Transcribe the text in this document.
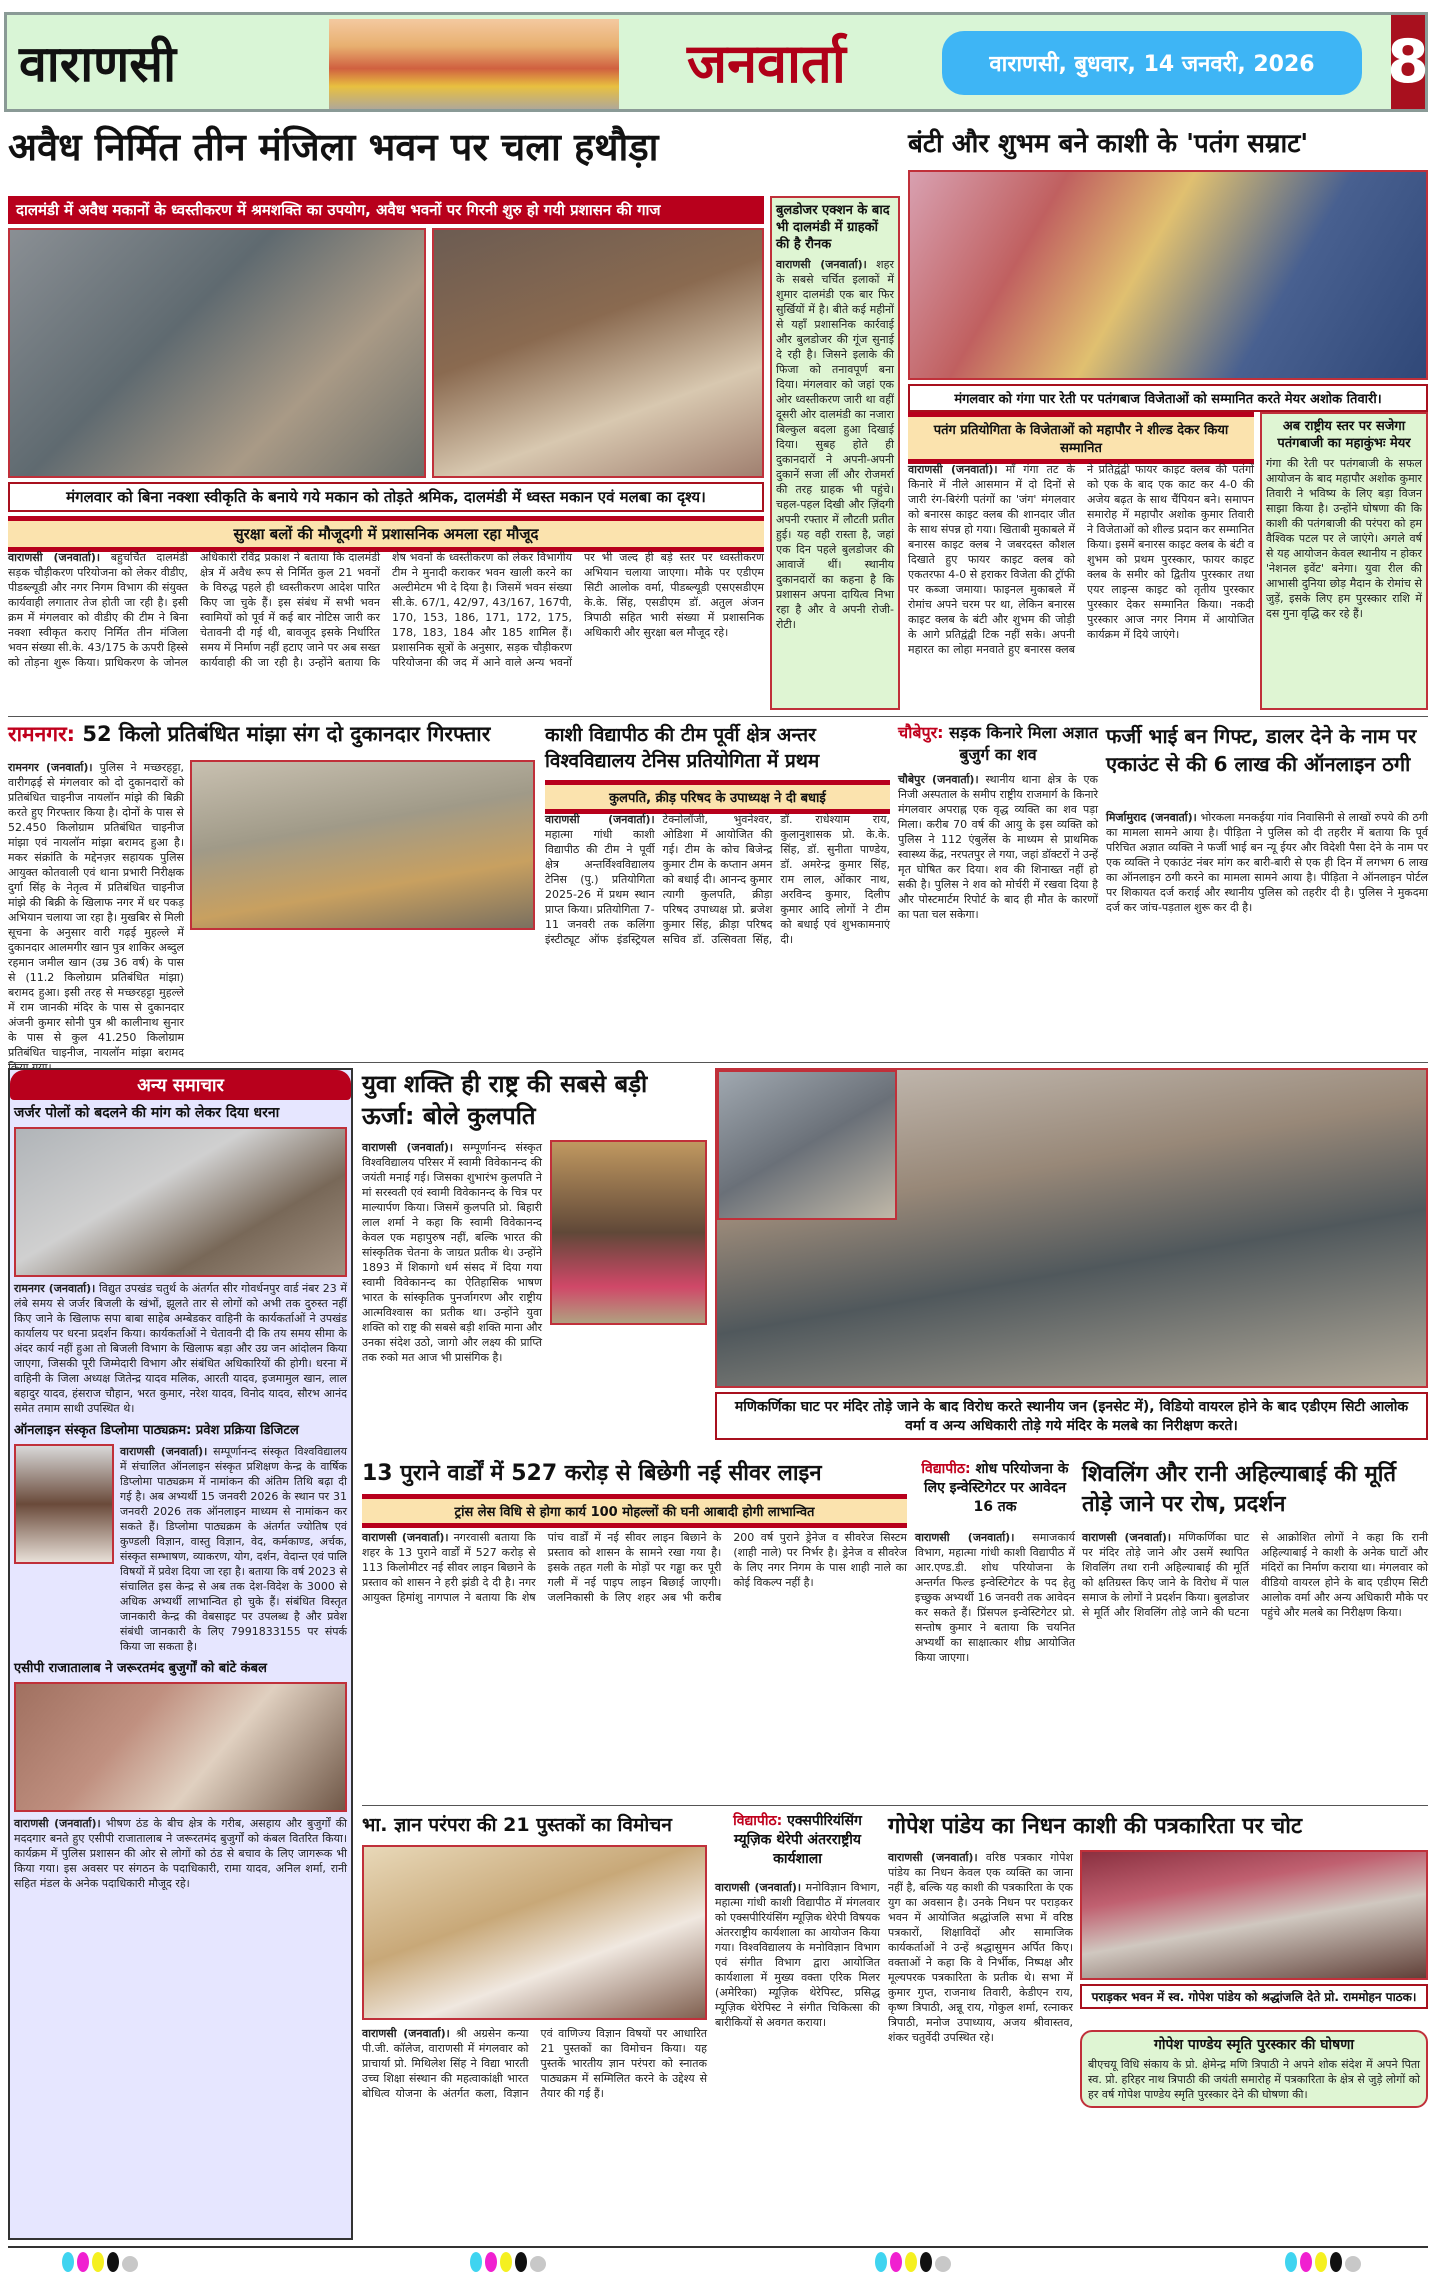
वाराणसी	जनवार्ता	वाराणसी, बुधवार, 14 जनवरी, 2026	8
अवैध निर्मित तीन मंजिला भवन पर चला हथौड़ा
दालमंडी में अवैध मकानों के ध्वस्तीकरण में श्रमशक्ति का उपयोग, अवैध भवनों पर गिरनी शुरु हो गयी प्रशासन की गाज
मंगलवार को बिना नक्शा स्वीकृति के बनाये गये मकान को तोड़ते श्रमिक, दालमंडी में ध्वस्त मकान एवं मलबा का दृश्य।
सुरक्षा बलों की मौजूदगी में प्रशासनिक अमला रहा मौजूद
वाराणसी (जनवार्ता)। बहुचर्चित दालमंडी सड़क चौड़ीकरण परियोजना को लेकर वीडीए, पीडब्ल्यूडी और नगर निगम विभाग की संयुक्त कार्यवाही लगातार तेज होती जा रही है। इसी क्रम में मंगलवार को वीडीए की टीम ने बिना नक्शा स्वीकृत कराए निर्मित तीन मंजिला भवन संख्या सी.के. 43/175 के ऊपरी हिस्से को तोड़ना शुरू किया। प्राधिकरण के जोनल अधिकारी रविंद्र प्रकाश ने बताया कि दालमंडी क्षेत्र में अवैध रूप से निर्मित कुल 21 भवनों के विरुद्ध पहले ही ध्वस्तीकरण आदेश पारित किए जा चुके हैं। इस संबंध में सभी भवन स्वामियों को पूर्व में कई बार नोटिस जारी कर चेतावनी दी गई थी, बावजूद इसके निर्धारित समय में निर्माण नहीं हटाए जाने पर अब सख्त कार्यवाही की जा रही है। उन्होंने बताया कि शेष भवनों के ध्वस्तीकरण को लेकर विभागीय टीम ने मुनादी कराकर भवन खाली करने का अल्टीमेटम भी दे दिया है। जिसमें भवन संख्या सी.के. 67/1, 42/97, 43/167, 167पी, 170, 153, 186, 171, 172, 175, 178, 183, 184 और 185 शामिल हैं। प्रशासनिक सूत्रों के अनुसार, सड़क चौड़ीकरण परियोजना की जद में आने वाले अन्य भवनों पर भी जल्द ही बड़े स्तर पर ध्वस्तीकरण अभियान चलाया जाएगा। मौके पर एडीएम सिटी आलोक वर्मा, पीडब्ल्यूडी एसएसडीएम के.के. सिंह, एसडीएम डॉ. अतुल अंजन त्रिपाठी सहित भारी संख्या में प्रशासनिक अधिकारी और सुरक्षा बल मौजूद रहे।
बुलडोजर एक्शन के बाद भी दालमंडी में ग्राहकों की है रौनक
वाराणसी (जनवार्ता)। शहर के सबसे चर्चित इलाकों में शुमार दालमंडी एक बार फिर सुर्खियों में है। बीते कई महीनों से यहाँ प्रशासनिक कार्रवाई और बुलडोजर की गूंज सुनाई दे रही है। जिसने इलाके की फिजा को तनावपूर्ण बना दिया। मंगलवार को जहां एक ओर ध्वस्तीकरण जारी था वहीं दूसरी ओर दालमंडी का नजारा बिल्कुल बदला हुआ दिखाई दिया। सुबह होते ही दुकानदारों ने अपनी-अपनी दुकानें सजा लीं और रोजमर्रा की तरह ग्राहक भी पहुंचे। चहल-पहल दिखी और ज़िंदगी अपनी रफ्तार में लौटती प्रतीत हुई। यह वही रास्ता है, जहां एक दिन पहले बुलडोजर की आवाजें थीं। स्थानीय दुकानदारों का कहना है कि प्रशासन अपना दायित्व निभा रहा है और वे अपनी रोजी-रोटी।
बंटी और शुभम बने काशी के 'पतंग सम्राट'
मंगलवार को गंगा पार रेती पर पतंगबाज विजेताओं को सम्मानित करते मेयर अशोक तिवारी।
पतंग प्रतियोगिता के विजेताओं को महापौर ने शील्ड देकर किया सम्मानित
वाराणसी (जनवार्ता)। माँ गंगा तट के किनारे में नीले आसमान में दो दिनों से जारी रंग-बिरंगी पतंगों का 'जंग' मंगलवार को बनारस काइट क्लब की शानदार जीत के साथ संपन्न हो गया। खिताबी मुकाबले में बनारस काइट क्लब ने जबरदस्त कौशल दिखाते हुए फायर काइट क्लब को एकतरफा 4-0 से हराकर विजेता की ट्रॉफी पर कब्जा जमाया। फाइनल मुकाबले में रोमांच अपने चरम पर था, लेकिन बनारस काइट क्लब के बंटी और शुभम की जोड़ी के आगे प्रतिद्वंद्वी टिक नहीं सके। अपनी महारत का लोहा मनवाते हुए बनारस क्लब ने प्रतिद्वंद्वी फायर काइट क्लब की पतंगों को एक के बाद एक काट कर 4-0 की अजेय बढ़त के साथ चैंपियन बने। समापन समारोह में महापौर अशोक कुमार तिवारी ने विजेताओं को शील्ड प्रदान कर सम्मानित किया। इसमें बनारस काइट क्लब के बंटी व शुभम को प्रथम पुरस्कार, फायर काइट क्लब के समीर को द्वितीय पुरस्कार तथा एयर लाइन्स काइट को तृतीय पुरस्कार पुरस्कार देकर सम्मानित किया। नकदी पुरस्कार आज नगर निगम में आयोजित कार्यक्रम में दिये जाएंगे।
अब राष्ट्रीय स्तर पर सजेगा पतंगबाजी का महाकुंभः मेयर
गंगा की रेती पर पतंगबाजी के सफल आयोजन के बाद महापौर अशोक कुमार तिवारी ने भविष्य के लिए बड़ा विजन साझा किया है। उन्होंने घोषणा की कि काशी की पतंगबाजी की परंपरा को हम वैश्विक पटल पर ले जाएंगे। अगले वर्ष से यह आयोजन केवल स्थानीय न होकर 'नेशनल इवेंट' बनेगा। युवा रील की आभासी दुनिया छोड़ मैदान के रोमांच से जुड़ें, इसके लिए हम पुरस्कार राशि में दस गुना वृद्धि कर रहे हैं।
रामनगर: 52 किलो प्रतिबंधित मांझा संग दो दुकानदार गिरफ्तार
रामनगर (जनवार्ता)। पुलिस ने मच्छरहट्टा, वारीगढ़ई से मंगलवार को दो दुकानदारों को प्रतिबंधित चाइनीज नायलॉन मांझे की बिक्री करते हुए गिरफ्तार किया है। दोनों के पास से 52.450 किलोग्राम प्रतिबंधित चाइनीज मांझा एवं नायलॉन मांझा बरामद हुआ है। मकर संक्रांति के मद्देनज़र सहायक पुलिस आयुक्त कोतवाली एवं थाना प्रभारी निरीक्षक दुर्गा सिंह के नेतृत्व में प्रतिबंधित चाइनीज मांझे की बिक्री के खिलाफ नगर में धर पकड़ अभियान चलाया जा रहा है। मुखबिर से मिली सूचना के अनुसार वारी गढ़ई मुहल्ले में दुकानदार आलमगीर खान पुत्र शाकिर अब्दुल रहमान जमील खान (उम्र 36 वर्ष) के पास से (11.2 किलोग्राम प्रतिबंधित मांझा) बरामद हुआ। इसी तरह से मच्छरहट्टा मुहल्ले में राम जानकी मंदिर के पास से दुकानदार अंजनी कुमार सोनी पुत्र श्री कालीनाथ सुनार के पास से कुल 41.250 किलोग्राम प्रतिबंधित चाइनीज, नायलॉन मांझा बरामद
काशी विद्यापीठ की टीम पूर्वी क्षेत्र अन्तर विश्वविद्यालय टेनिस प्रतियोगिता में प्रथम
कुलपति, क्रीड़ परिषद के उपाध्यक्ष ने दी बधाई
वाराणसी (जनवार्ता)। महात्मा गांधी काशी विद्यापीठ की टीम ने पूर्वी क्षेत्र अन्तर्विश्वविद्यालय टेनिस (पु.) प्रतियोगिता 2025-26 में प्रथम स्थान प्राप्त किया। प्रतियोगिता 7-11 जनवरी तक कलिंगा इंस्टीट्यूट ऑफ इंडस्ट्रियल टेक्नोलॉजी, भुवनेश्वर, ओडिशा में आयोजित की गई। टीम के कोच बिजेन्द्र कुमार टीम के कप्तान अमन को बधाई दी। आनन्द कुमार त्यागी कुलपति, क्रीड़ा परिषद उपाध्यक्ष प्रो. ब्रजेश कुमार सिंह, क्रीड़ा परिषद सचिव डॉ. उत्सिवता सिंह, डॉ. राधेश्याम राय, कुलानुशासक प्रो. के.के. सिंह, डॉ. सुनीता पाण्डेय, डॉ. अमरेन्द्र कुमार सिंह, राम लाल, ओंकार नाथ, अरविन्द कुमार, दिलीप कुमार आदि लोगों ने टीम को बधाई एवं शुभकामनाएं दी।
चौबेपुर: सड़क किनारे मिला अज्ञात बुजुर्ग का शव
चौबेपुर (जनवार्ता)। स्थानीय थाना क्षेत्र के एक निजी अस्पताल के समीप राष्ट्रीय राजमार्ग के किनारे मंगलवार अपराह्न एक वृद्ध व्यक्ति का शव पड़ा मिला। करीब 70 वर्ष की आयु के इस व्यक्ति को पुलिस ने 112 एंबुलेंस के माध्यम से प्राथमिक स्वास्थ्य केंद्र, नरपतपुर ले गया, जहां डॉक्टरों ने उन्हें मृत घोषित कर दिया। शव की शिनाख्त नहीं हो सकी है। पुलिस ने शव को मोर्चरी में रखवा दिया है और पोस्टमार्टम रिपोर्ट के बाद ही मौत के कारणों का पता चल सकेगा।
फर्जी भाई बन गिफ्ट, डालर देने के नाम पर एकाउंट से की 6 लाख की ऑनलाइन ठगी
मिर्जामुराद (जनवार्ता)। भोरकला मनकईया गांव निवासिनी से लाखों रुपये की ठगी का मामला सामने आया है। पीड़िता ने पुलिस को दी तहरीर में बताया कि पूर्व परिचित अज्ञात व्यक्ति ने फर्जी भाई बन न्यू ईयर और विदेशी पैसा देने के नाम पर एक व्यक्ति ने एकाउंट नंबर मांग कर बारी-बारी से एक ही दिन में लगभग 6 लाख का ऑनलाइन ठगी करने का मामला सामने आया है। पीड़िता ने ऑनलाइन पोर्टल पर शिकायत दर्ज कराई और स्थानीय पुलिस को तहरीर दी है। पुलिस ने मुकदमा दर्ज कर जांच-पड़ताल शुरू कर दी है।
अन्य समाचार
जर्जर पोलों को बदलने की मांग को लेकर दिया धरना
रामनगर (जनवार्ता)। विद्युत उपखंड चतुर्थ के अंतर्गत सीर गोवर्धनपुर वार्ड नंबर 23 में लंबे समय से जर्जर बिजली के खंभों, झूलते तार से लोगों को अभी तक दुरुस्त नहीं किए जाने के खिलाफ सपा बाबा साहेब अम्बेडकर वाहिनी के कार्यकर्ताओं ने उपखंड कार्यालय पर धरना प्रदर्शन किया। कार्यकर्ताओं ने चेतावनी दी कि तय समय सीमा के अंदर कार्य नहीं हुआ तो बिजली विभाग के खिलाफ बड़ा और उग्र जन आंदोलन किया जाएगा, जिसकी पूरी जिम्मेदारी विभाग और संबंधित अधिकारियों की होगी। धरना में वाहिनी के जिला अध्यक्ष जितेन्द्र यादव मलिक, आरती यादव, इजमामुल खान, लाल बहादुर यादव, हंसराज चौहान, भरत कुमार, नरेश यादव, विनोद यादव, सौरभ आनंद समेत तमाम साथी उपस्थित थे।
ऑनलाइन संस्कृत डिप्लोमा पाठ्यक्रम: प्रवेश प्रक्रिया डिजिटल
वाराणसी (जनवार्ता)। सम्पूर्णानन्द संस्कृत विश्वविद्यालय में संचालित ऑनलाइन संस्कृत प्रशिक्षण केन्द्र के वार्षिक डिप्लोमा पाठ्यक्रम में नामांकन की अंतिम तिथि बढ़ा दी गई है। अब अभ्यर्थी 15 जनवरी 2026 के स्थान पर 31 जनवरी 2026 तक ऑनलाइन माध्यम से नामांकन कर सकते हैं। डिप्लोमा पाठ्यक्रम के अंतर्गत ज्योतिष एवं कुण्डली विज्ञान, वास्तु विज्ञान, वेद, कर्मकाण्ड, अर्चक, संस्कृत सम्भाषण, व्याकरण, योग, दर्शन, वेदान्त एवं पालि विषयों में प्रवेश दिया जा रहा है। बताया कि वर्ष 2023 से संचालित इस केन्द्र से अब तक देश-विदेश के 3000 से अधिक अभ्यर्थी लाभान्वित हो चुके हैं। संबंधित विस्तृत जानकारी केन्द्र की वेबसाइट पर उपलब्ध है और प्रवेश संबंधी जानकारी के लिए 7991833155 पर संपर्क किया जा सकता है।
एसीपी राजातालाब ने जरूरतमंद बुजुर्गों को बांटे कंबल
वाराणसी (जनवार्ता)। भीषण ठंड के बीच क्षेत्र के गरीब, असहाय और बुजुर्गों की मददगार बनते हुए एसीपी राजातालाब ने जरूरतमंद बुजुर्गों को कंबल वितरित किया। कार्यक्रम में पुलिस प्रशासन की ओर से लोगों को ठंड से बचाव के लिए जागरूक भी किया गया। इस अवसर पर संगठन के पदाधिकारी, रामा यादव, अनिल शर्मा, रानी सहित मंडल के अनेक पदाधिकारी मौजूद रहे।
युवा शक्ति ही राष्ट्र की सबसे बड़ी ऊर्जा: बोले कुलपति
वाराणसी (जनवार्ता)। सम्पूर्णानन्द संस्कृत विश्वविद्यालय परिसर में स्वामी विवेकानन्द की जयंती मनाई गई। जिसका शुभारंभ कुलपति ने मां सरस्वती एवं स्वामी विवेकानन्द के चित्र पर माल्यार्पण किया। जिसमें कुलपति प्रो. बिहारी लाल शर्मा ने कहा कि स्वामी विवेकानन्द केवल एक महापुरुष नहीं, बल्कि भारत की सांस्कृतिक चेतना के जाग्रत प्रतीक थे। उन्होंने 1893 में शिकागो धर्म संसद में दिया गया स्वामी विवेकानन्द का ऐतिहासिक भाषण भारत के सांस्कृतिक पुनर्जागरण और राष्ट्रीय आत्मविश्वास का प्रतीक था। उन्होंने युवा शक्ति को राष्ट्र की सबसे बड़ी शक्ति माना और उनका संदेश उठो, जागो और लक्ष्य की प्राप्ति तक रुको मत आज भी प्रासंगिक है।
मणिकर्णिका घाट पर मंदिर तोड़े जाने के बाद विरोध करते स्थानीय जन (इनसेट में), विडियो वायरल होने के बाद एडीएम सिटी आलोक वर्मा व अन्य अधिकारी तोड़े गये मंदिर के मलबे का निरीक्षण करते।
13 पुराने वार्डों में 527 करोड़ से बिछेगी नई सीवर लाइन
ट्रांस लेस विधि से होगा कार्य 100 मोहल्लों की घनी आबादी होगी लाभान्वित
वाराणसी (जनवार्ता)। नगरवासी बताया कि शहर के 13 पुराने वार्डों में 527 करोड़ से 113 किलोमीटर नई सीवर लाइन बिछाने के प्रस्ताव को शासन ने हरी झंडी दे दी है। नगर आयुक्त हिमांशु नागपाल ने बताया कि शेष पांच वार्डों में नई सीवर लाइन बिछाने के प्रस्ताव को शासन के सामने रखा गया है। इसके तहत गली के मोड़ों पर गड्ढा कर पूरी गली में नई पाइप लाइन बिछाई जाएगी। जलनिकासी के लिए शहर अब भी करीब 200 वर्ष पुराने ड्रेनेज व सीवरेज सिस्टम (शाही नाले) पर निर्भर है। ड्रेनेज व सीवरेज के लिए नगर निगम के पास शाही नाले का कोई विकल्प नहीं है।
विद्यापीठ: शोध परियोजना के लिए इन्वेस्टिगेटर पर आवेदन 16 तक
वाराणसी (जनवार्ता)। समाजकार्य विभाग, महात्मा गांधी काशी विद्यापीठ में आर.एण्ड.डी. शोध परियोजना के अन्तर्गत फिल्ड इन्वेस्टिगेटर के पद हेतु इच्छुक अभ्यर्थी 16 जनवरी तक आवेदन कर सकते हैं। प्रिंसपल इन्वेस्टिगेटर प्रो. सन्तोष कुमार ने बताया कि चयनित अभ्यर्थी का साक्षात्कार शीघ्र आयोजित किया जाएगा।
शिवलिंग और रानी अहिल्याबाई की मूर्ति तोड़े जाने पर रोष, प्रदर्शन
वाराणसी (जनवार्ता)। मणिकर्णिका घाट पर मंदिर तोड़े जाने और उसमें स्थापित शिवलिंग तथा रानी अहिल्याबाई की मूर्ति को क्षतिग्रस्त किए जाने के विरोध में पाल समाज के लोगों ने प्रदर्शन किया। बुलडोजर से मूर्ति और शिवलिंग तोड़े जाने की घटना से आक्रोशित लोगों ने कहा कि रानी अहिल्याबाई ने काशी के अनेक घाटों और मंदिरों का निर्माण कराया था। मंगलवार को वीडियो वायरल होने के बाद एडीएम सिटी आलोक वर्मा और अन्य अधिकारी मौके पर पहुंचे और मलबे का निरीक्षण किया।
भा. ज्ञान परंपरा की 21 पुस्तकों का विमोचन
वाराणसी (जनवार्ता)। श्री अग्रसेन कन्या पी.जी. कॉलेज, वाराणसी में मंगलवार को प्राचार्या प्रो. मिथिलेश सिंह ने विद्या भारती उच्च शिक्षा संस्थान की महत्वाकांक्षी भारत बोधित्व योजना के अंतर्गत कला, विज्ञान एवं वाणिज्य विज्ञान विषयों पर आधारित 21 पुस्तकों का विमोचन किया। यह पुस्तकें भारतीय ज्ञान परंपरा को स्नातक पाठ्यक्रम में सम्मिलित करने के उद्देश्य से तैयार की गई हैं।
विद्यापीठ: एक्सपीरियंसिंग म्यूज़िक थेरेपी अंतरराष्ट्रीय कार्यशाला
वाराणसी (जनवार्ता)। मनोविज्ञान विभाग, महात्मा गांधी काशी विद्यापीठ में मंगलवार को एक्सपीरियंसिंग म्यूज़िक थेरेपी विषयक अंतरराष्ट्रीय कार्यशाला का आयोजन किया गया। विश्वविद्यालय के मनोविज्ञान विभाग एवं संगीत विभाग द्वारा आयोजित कार्यशाला में मुख्य वक्ता एरिक मिलर (अमेरिका) म्यूज़िक थेरेपिस्ट, प्रसिद्ध म्यूज़िक थेरेपिस्ट ने संगीत चिकित्सा की बारीकियों से अवगत कराया।
गोपेश पांडेय का निधन काशी की पत्रकारिता पर चोट
वाराणसी (जनवार्ता)। वरिष्ठ पत्रकार गोपेश पांडेय का निधन केवल एक व्यक्ति का जाना नहीं है, बल्कि यह काशी की पत्रकारिता के एक युग का अवसान है। उनके निधन पर पराड़कर भवन में आयोजित श्रद्धांजलि सभा में वरिष्ठ पत्रकारों, शिक्षाविदों और सामाजिक कार्यकर्ताओं ने उन्हें श्रद्धासुमन अर्पित किए। वक्ताओं ने कहा कि वे निर्भीक, निष्पक्ष और मूल्यपरक पत्रकारिता के प्रतीक थे। सभा में कुमार गुप्त, राजनाथ तिवारी, केडीएन राय, कृष्ण त्रिपाठी, अन्नू राय, गोकुल शर्मा, रत्नाकर त्रिपाठी, मनोज उपाध्याय, अजय श्रीवास्तव, शंकर चतुर्वेदी उपस्थित रहे।
पराड़कर भवन में स्व. गोपेश पांडेय को श्रद्धांजलि देते प्रो. राममोहन पाठक।
गोपेश पाण्डेय स्मृति पुरस्कार की घोषणा
बीएचयू विधि संकाय के प्रो. क्षेमेन्द्र मणि त्रिपाठी ने अपने शोक संदेश में अपने पिता स्व. प्रो. हरिहर नाथ त्रिपाठी की जयंती समारोह में पत्रकारिता के क्षेत्र से जुड़े लोगों को हर वर्ष गोपेश पाण्डेय स्मृति पुरस्कार देने की घोषणा की।
